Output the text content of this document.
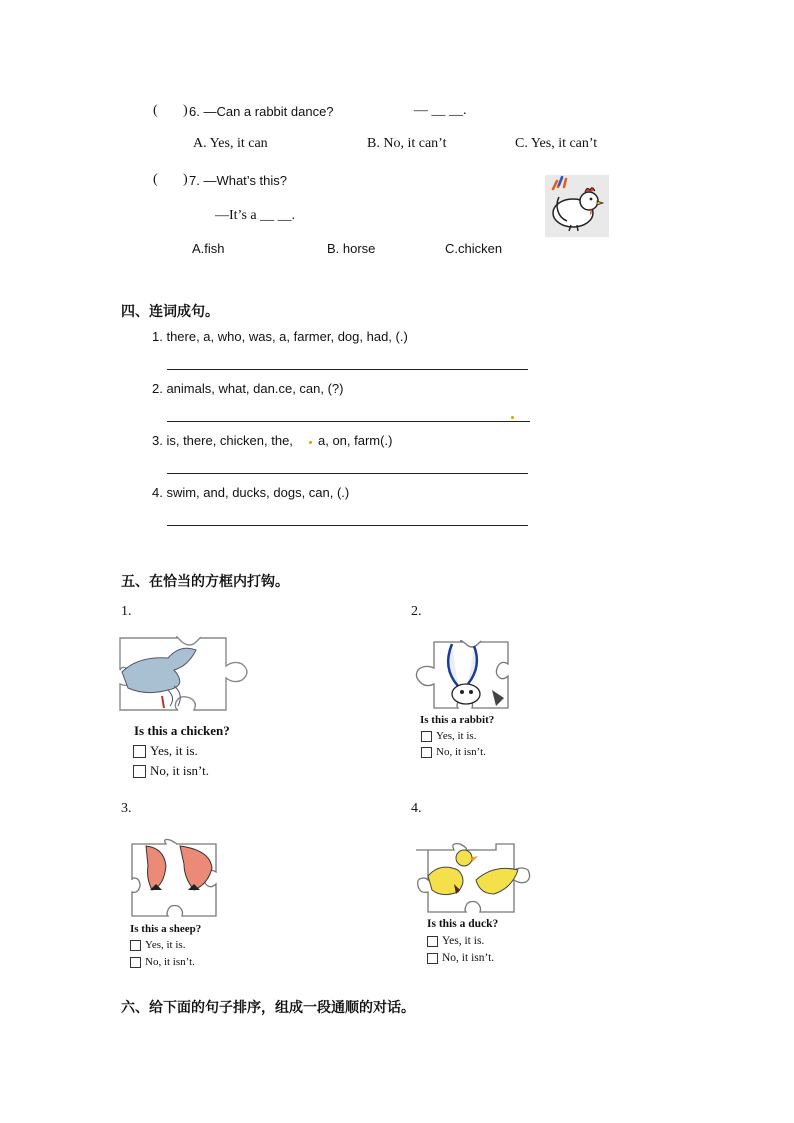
( ) 6. —Can a rabbit dance?	— __ __.
A. Yes, it can	B. No, it can’t	C. Yes, it can’t
( ) 7. —What’s this?
—It’s a __ __.
A.fish	B. horse	C.chicken
四、连词成句。
1. there, a, who, was, a, farmer, dog, had, (.)
2. animals, what, dan.ce, can, (?)
3. is, there, chicken, the, a, on, farm(.)
4. swim, and, ducks, dogs, can, (.)
五、在恰当的方框内打钩。
1.
Is this a chicken?
Yes, it is.
No, it isn’t.
2.
Is this a rabbit?
Yes, it is.
No, it isn’t.
3.
Is this a sheep?
Yes, it is.
No, it isn’t.
4.
Is this a duck?
Yes, it is.
No, it isn’t.
六、给下面的句子排序，组成一段通顺的对话。
